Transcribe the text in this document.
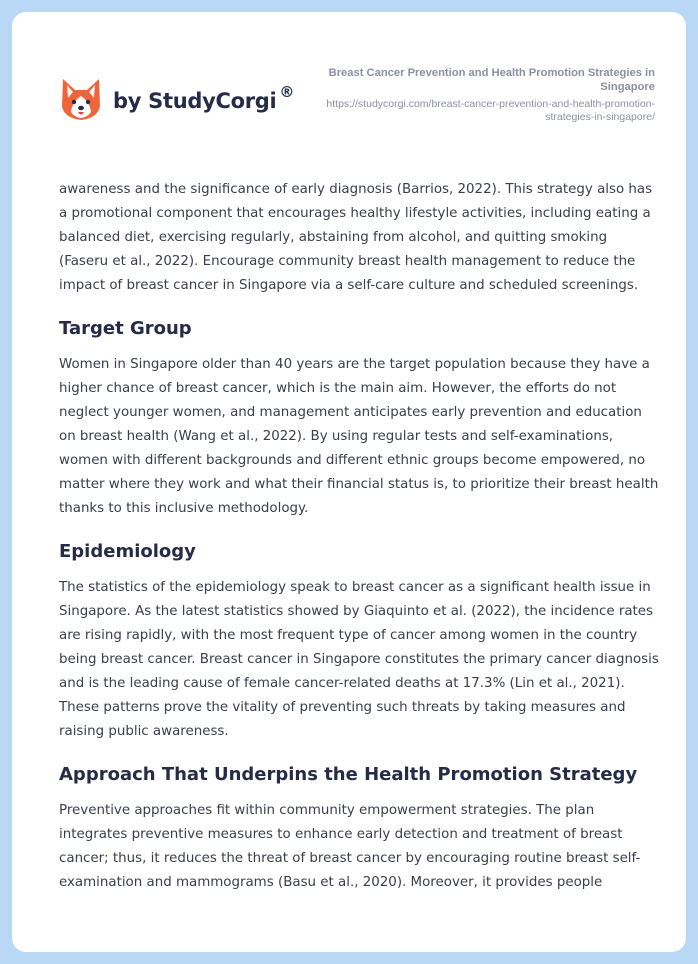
by StudyCorgi ®
Breast Cancer Prevention and Health Promotion Strategies in Singapore
https://studycorgi.com/breast-cancer-prevention-and-health-promotion-strategies-in-singapore/

awareness and the significance of early diagnosis (Barrios, 2022). This strategy also has a promotional component that encourages healthy lifestyle activities, including eating a balanced diet, exercising regularly, abstaining from alcohol, and quitting smoking (Faseru et al., 2022). Encourage community breast health management to reduce the impact of breast cancer in Singapore via a self-care culture and scheduled screenings.

Target Group

Women in Singapore older than 40 years are the target population because they have a higher chance of breast cancer, which is the main aim. However, the efforts do not neglect younger women, and management anticipates early prevention and education on breast health (Wang et al., 2022). By using regular tests and self-examinations, women with different backgrounds and different ethnic groups become empowered, no matter where they work and what their financial status is, to prioritize their breast health thanks to this inclusive methodology.

Epidemiology

The statistics of the epidemiology speak to breast cancer as a significant health issue in Singapore. As the latest statistics showed by Giaquinto et al. (2022), the incidence rates are rising rapidly, with the most frequent type of cancer among women in the country being breast cancer. Breast cancer in Singapore constitutes the primary cancer diagnosis and is the leading cause of female cancer-related deaths at 17.3% (Lin et al., 2021). These patterns prove the vitality of preventing such threats by taking measures and raising public awareness.

Approach That Underpins the Health Promotion Strategy

Preventive approaches fit within community empowerment strategies. The plan integrates preventive measures to enhance early detection and treatment of breast cancer; thus, it reduces the threat of breast cancer by encouraging routine breast self-examination and mammograms (Basu et al., 2020). Moreover, it provides people
